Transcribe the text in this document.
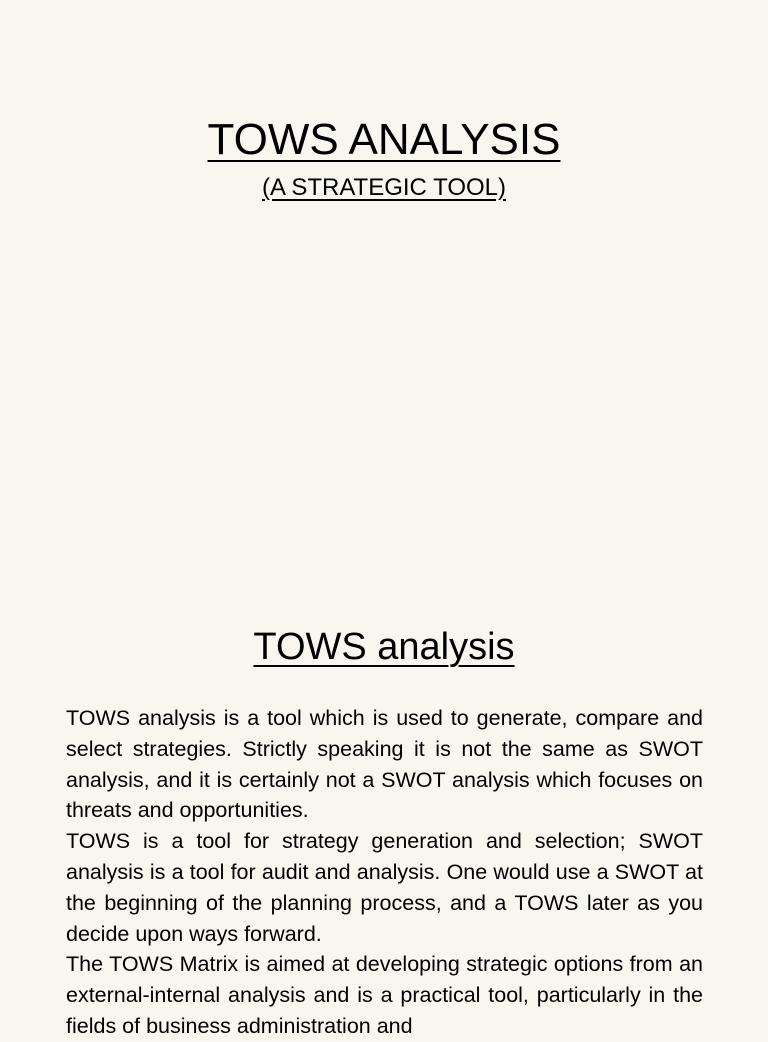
TOWS ANALYSIS
(A STRATEGIC TOOL)
TOWS analysis

TOWS analysis is a tool which is used to generate, compare and select strategies. Strictly speaking it is not the same as SWOT analysis, and it is certainly not a SWOT analysis which focuses on threats and opportunities.

TOWS is a tool for strategy generation and selection; SWOT analysis is a tool for audit and analysis. One would use a SWOT at the beginning of the planning process, and a TOWS later as you decide upon ways forward.

The TOWS Matrix is aimed at developing strategic options from an external-internal analysis and is a practical tool, particularly in the fields of business administration and
